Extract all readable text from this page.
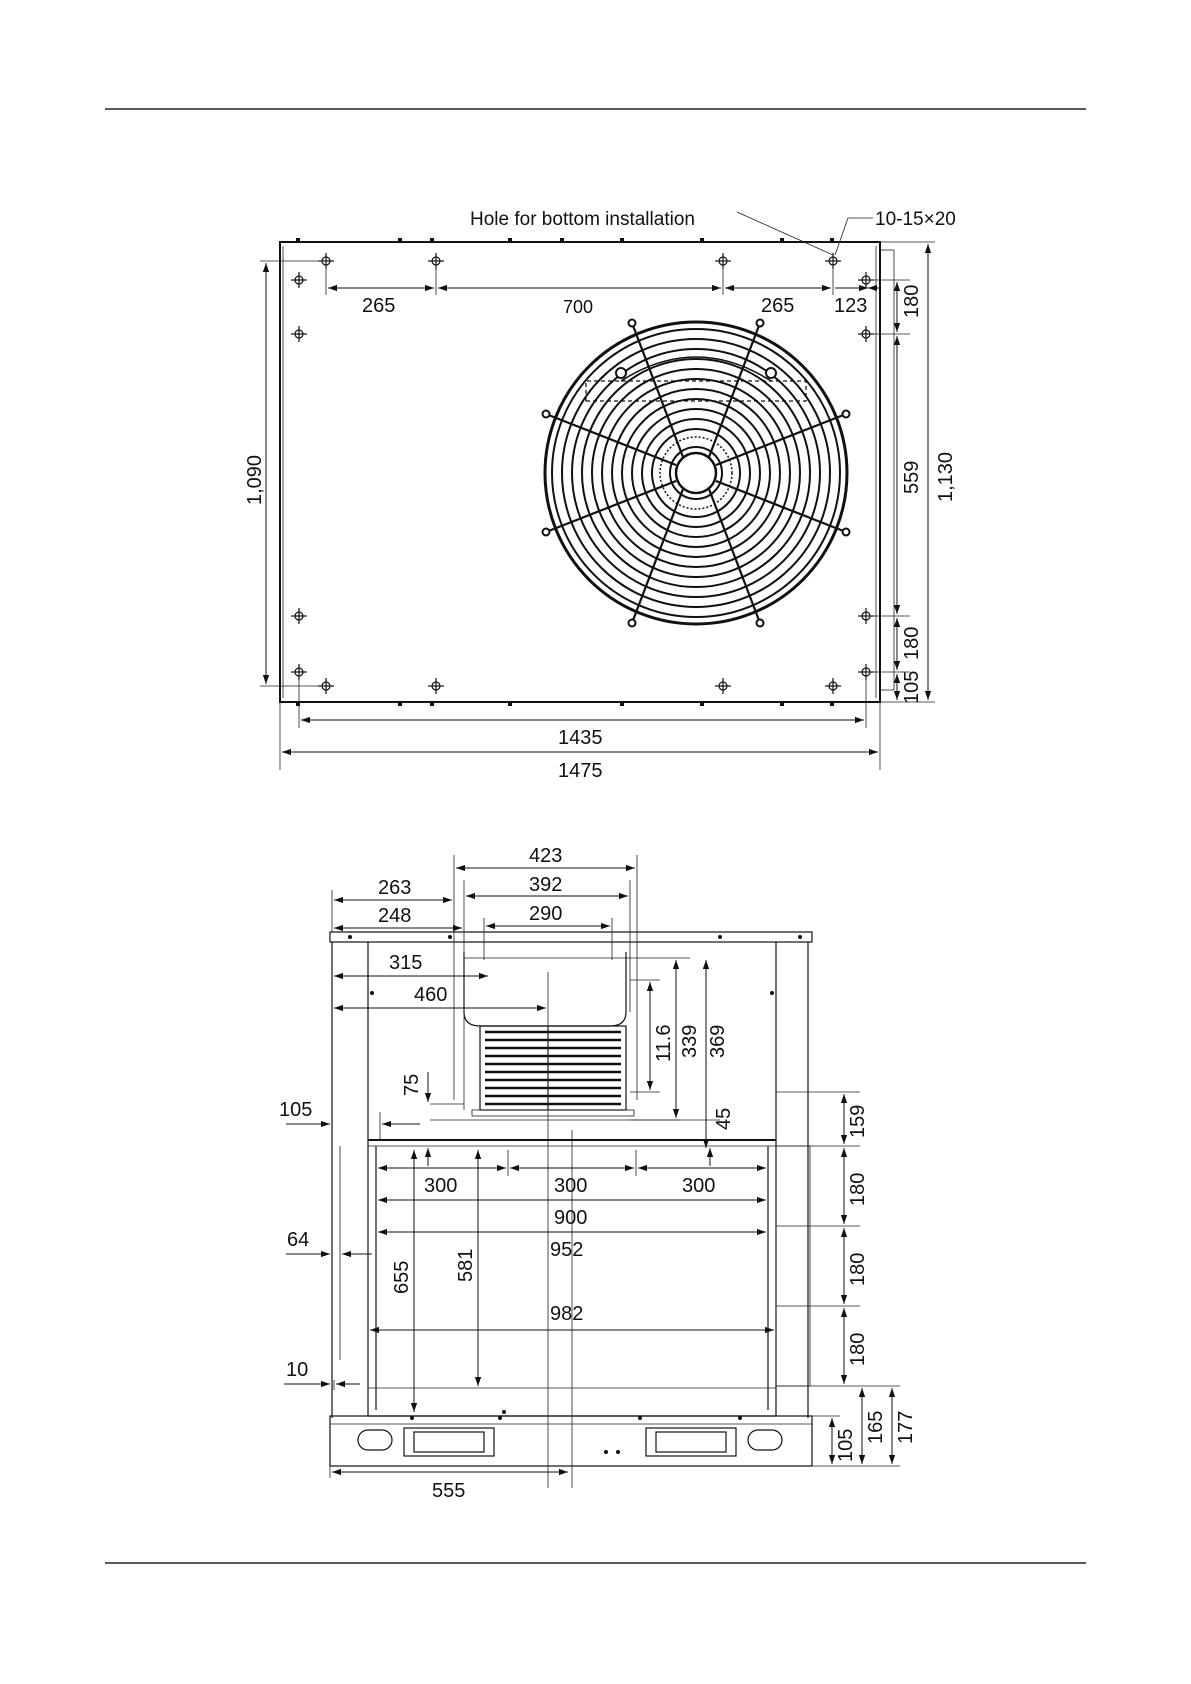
Hole for bottom installation	10-15×20
265	700	265 123
1,090
180
559
180
105
1,130
1435
1475
423
392
290
263
248
315
460
11.6 339 369
75
105	45	159
180
180
180
300	300	300
900
952
64
655 581
982
10
105
165 177
555
